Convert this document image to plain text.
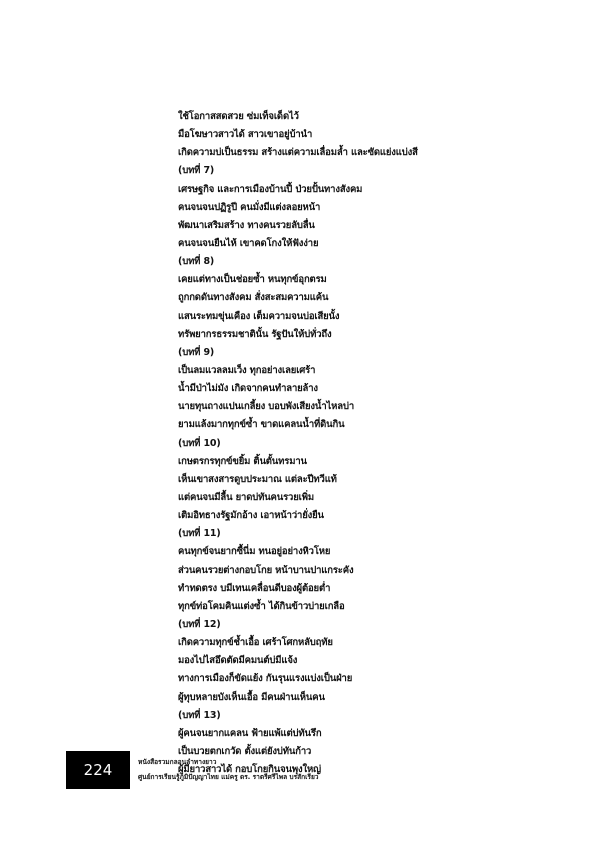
ใช้โอกาสสดสวย ซ่มเท็จเด็ดไว้
มือโฆษาวสาวได้ สาวเขาอยู่บ้านำ
เกิดความบ่เป็นธรรม สร้างแต่ความเลื่อมล้ำ และซัดแย่งแบ่งสี
(บทที่ 7)
เศรษฐกิจ และการเมืองบ้านปี้ ป่วยปั้นทางสังคม
คนจนจนปฏิรูปี คนมั่งมีแต่งลอยหน้า
พัฒนาเสริมสร้าง ทางคนรวยลับลื่น
คนจนจนยืนไห้ เขาคดโกงให้ฟังง่าย
(บทที่ 8)
เคยแต่ทางเป็นช่อยซ้ำ หนทุกข์อุกตรม
ถูกกดดันทางสังคม สั่งสะสมความแค้น
แสนระทมขุ่นเคือง เต็มความจนบ่อเสียนั้ง
ทรัพยากรธรรมชาตินั้น รัฐปันให้บ่ทั่วถึง
(บทที่ 9)
เป็นลมแวลลมเว็ง ทุกอย่างเลยเศร้า
น้ำมีป่าไม่มัง เกิดจากคนทำลายล้าง
นายทุนถางแปนเกลี้ยง บอบพังเสียงน้ำไหลบ่า
ยามแล้งมากทุกข์ซ้ำ ขาดแคลนน้ำที่ดินกิน
(บทที่ 10)
เกษตรกรทุกข์ขยิ้ม ติ้นตั้นทรมาน
เห็นเขาสงสารดูบประมาณ แต่ละปีทวีแท้
แต่คนจนมีลื้น ยาดบ่ทันคนรวยเพิ่ม
เติมอิทธางรัฐมักอ้าง เอาหน้าว่ายั่งยืน
(บทที่ 11)
คนทุกข์จนยากซื้นี่ม ทนอยู่อย่างหิวโหย
ส่วนคนรวยต่างกอบโกย หน้าบานปาแกระคัง
ทำทดตรง บมีเทนเคลื่อนดีบองผู้ต้อยต่ำ
ทุกข์ท่อโคมคินแต่งซ้ำ ได้กินข้าวบ่ายเกลือ
(บทที่ 12)
เกิดความทุกข์ช้ำเอื้อ เศร้าโศกหลับฤทัย
มองไปไสอึดตัดมีคมนต์บ่มีแจ้ง
ทางการเมืองก็ขัดแย้ง กันรุนแรงแบ่งเป็นฝ่าย
ผู้ทุบหลายบังเห็นเอื้อ มีคนฝ่านเห็นคน
(บทที่ 13)
ผู้คนจนยากแคลน ฟ้ายแพ้แต่บ่ทันรึก
เป็นบวยตกเกวัด ตั้งแต่ยังบ่ทันก้าว
ผู้มียาวสาวได้ กอบโกยกินจนพุงใหญ่
224	หนังสือรวมกลอนลำทางยาว
ศูนย์การเรียนรู้ภูมิปัญญาไทย แม่ครู ดร. ราตรีศรีไพล บรสักเรียว
